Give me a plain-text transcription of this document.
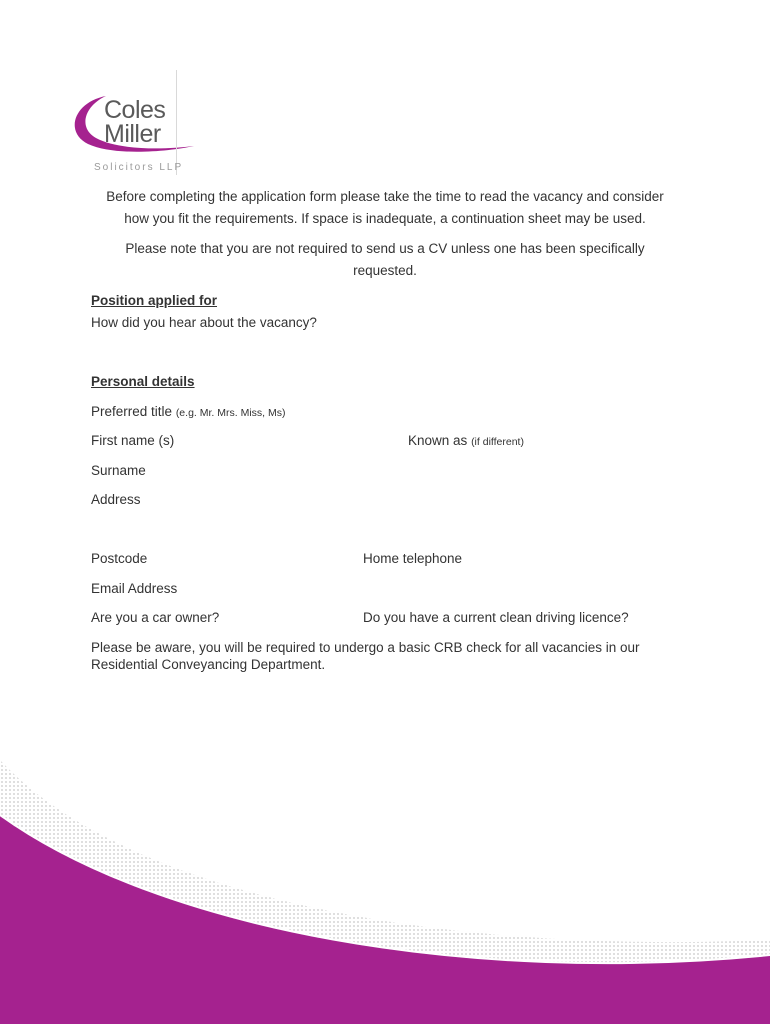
Coles
Miller
Solicitors LLP
Before completing the application form please take the time to read the vacancy and consider
how you fit the requirements. If space is inadequate, a continuation sheet may be used.
Please note that you are not required to send us a CV unless one has been specifically
requested.
Position applied for
How did you hear about the vacancy?
Personal details
Preferred title (e.g. Mr. Mrs. Miss, Ms)
First name (s)	Known as (if different)
Surname
Address
Postcode	Home telephone
Email Address
Are you a car owner?	Do you have a current clean driving licence?
Please be aware, you will be required to undergo a basic CRB check for all vacancies in our
Residential Conveyancing Department.
